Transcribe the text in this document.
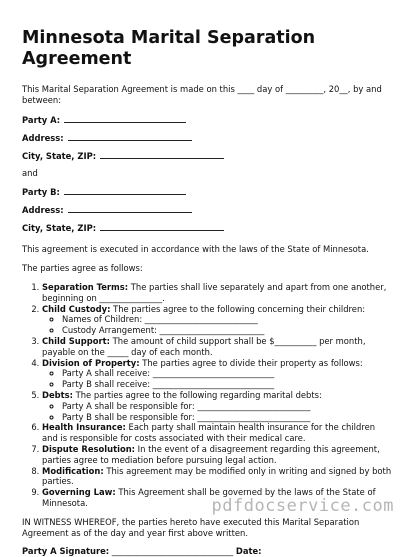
Minnesota Marital Separation Agreement

This Marital Separation Agreement is made on this ____ day of _________, 20__, by and between:

Party A:
Address:
City, State, ZIP:

and

Party B:
Address:
City, State, ZIP:

This agreement is executed in accordance with the laws of the State of Minnesota.

The parties agree as follows:

1. Separation Terms: The parties shall live separately and apart from one another, beginning on _______________.
2. Child Custody: The parties agree to the following concerning their children:
◦ Names of Children: ___________________________
◦ Custody Arrangement: _________________________
3. Child Support: The amount of child support shall be $__________ per month, payable on the _____ day of each month.
4. Division of Property: The parties agree to divide their property as follows:
◦ Party A shall receive: _____________________________
◦ Party B shall receive: _____________________________
5. Debts: The parties agree to the following regarding marital debts:
◦ Party A shall be responsible for: ___________________________
◦ Party B shall be responsible for: ___________________________
6. Health Insurance: Each party shall maintain health insurance for the children and is responsible for costs associated with their medical care.
7. Dispute Resolution: In the event of a disagreement regarding this agreement, parties agree to mediation before pursuing legal action.
8. Modification: This agreement may be modified only in writing and signed by both parties.
9. Governing Law: This Agreement shall be governed by the laws of the State of Minnesota.

IN WITNESS WHEREOF, the parties hereto have executed this Marital Separation Agreement as of the day and year first above written.

Party A Signature: _____________________________ Date:
pdfdocservice.com
